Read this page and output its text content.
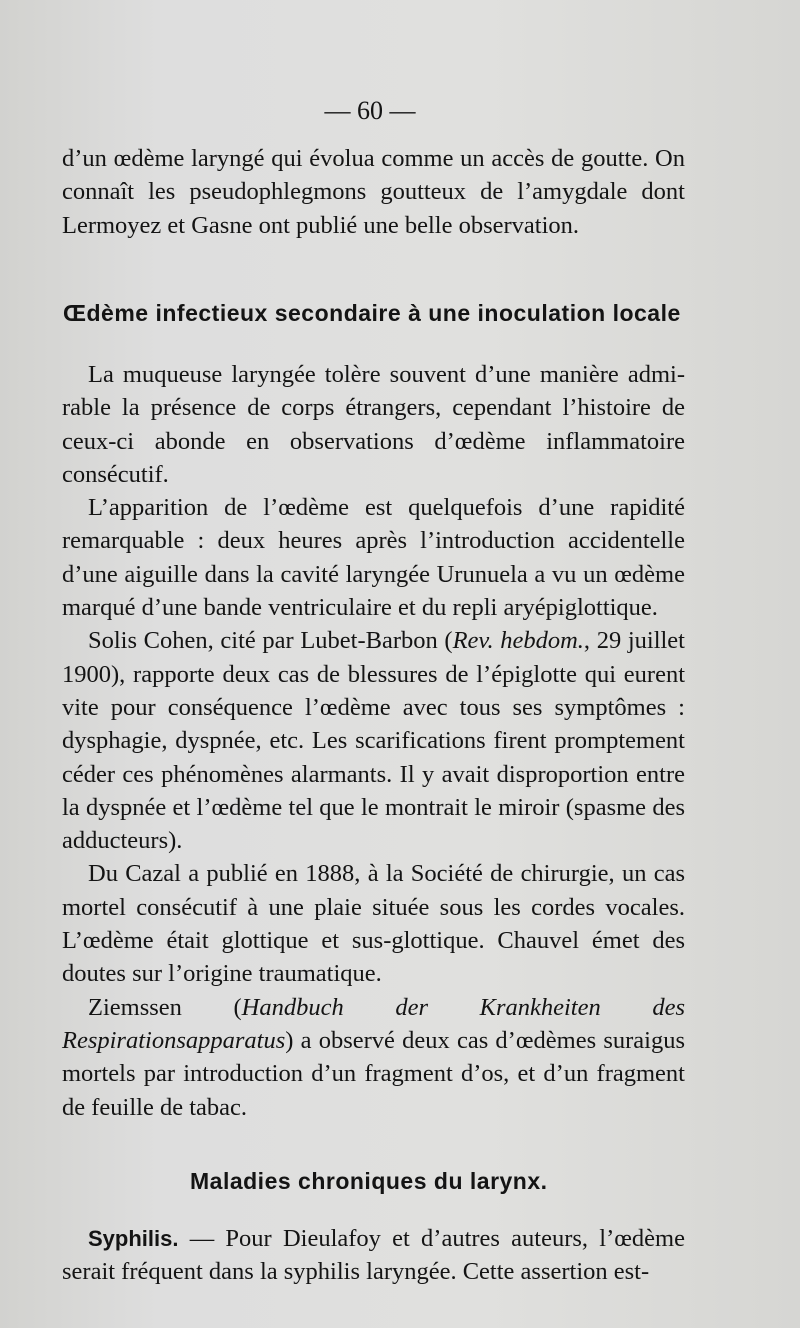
— 60 —

d’un œdème laryngé qui évolua comme un accès de goutte. On connaît les pseudophlegmons goutteux de l’amygdale dont Lermoyez et Gasne ont publié une belle observation.

Œdème infectieux secondaire à une inoculation locale

La muqueuse laryngée tolère souvent d’une manière admirable la présence de corps étrangers, cependant l’histoire de ceux-ci abonde en observations d’œdème inflammatoire consécutif.

L’apparition de l’œdème est quelquefois d’une rapidité remarquable : deux heures après l’introduction accidentelle d’une aiguille dans la cavité laryngée Urunuela a vu un œdème marqué d’une bande ventriculaire et du repli aryépiglottique.

Solis Cohen, cité par Lubet-Barbon (Rev. hebdom., 29 juillet 1900), rapporte deux cas de blessures de l’épiglotte qui eurent vite pour conséquence l’œdème avec tous ses symptômes : dysphagie, dyspnée, etc. Les scarifications firent promptement céder ces phénomènes alarmants. Il y avait disproportion entre la dyspnée et l’œdème tel que le montrait le miroir (spasme des adducteurs).

Du Cazal a publié en 1888, à la Société de chirurgie, un cas mortel consécutif à une plaie située sous les cordes vocales. L’œdème était glottique et sus-glottique. Chauvel émet des doutes sur l’origine traumatique.

Ziemssen (Handbuch der Krankheiten des Respirationsapparatus) a observé deux cas d’œdèmes suraigus mortels par introduction d’un fragment d’os, et d’un fragment de feuille de tabac.

Maladies chroniques du larynx.

Syphilis. — Pour Dieulafoy et d’autres auteurs, l’œdème serait fréquent dans la syphilis laryngée. Cette assertion est-
